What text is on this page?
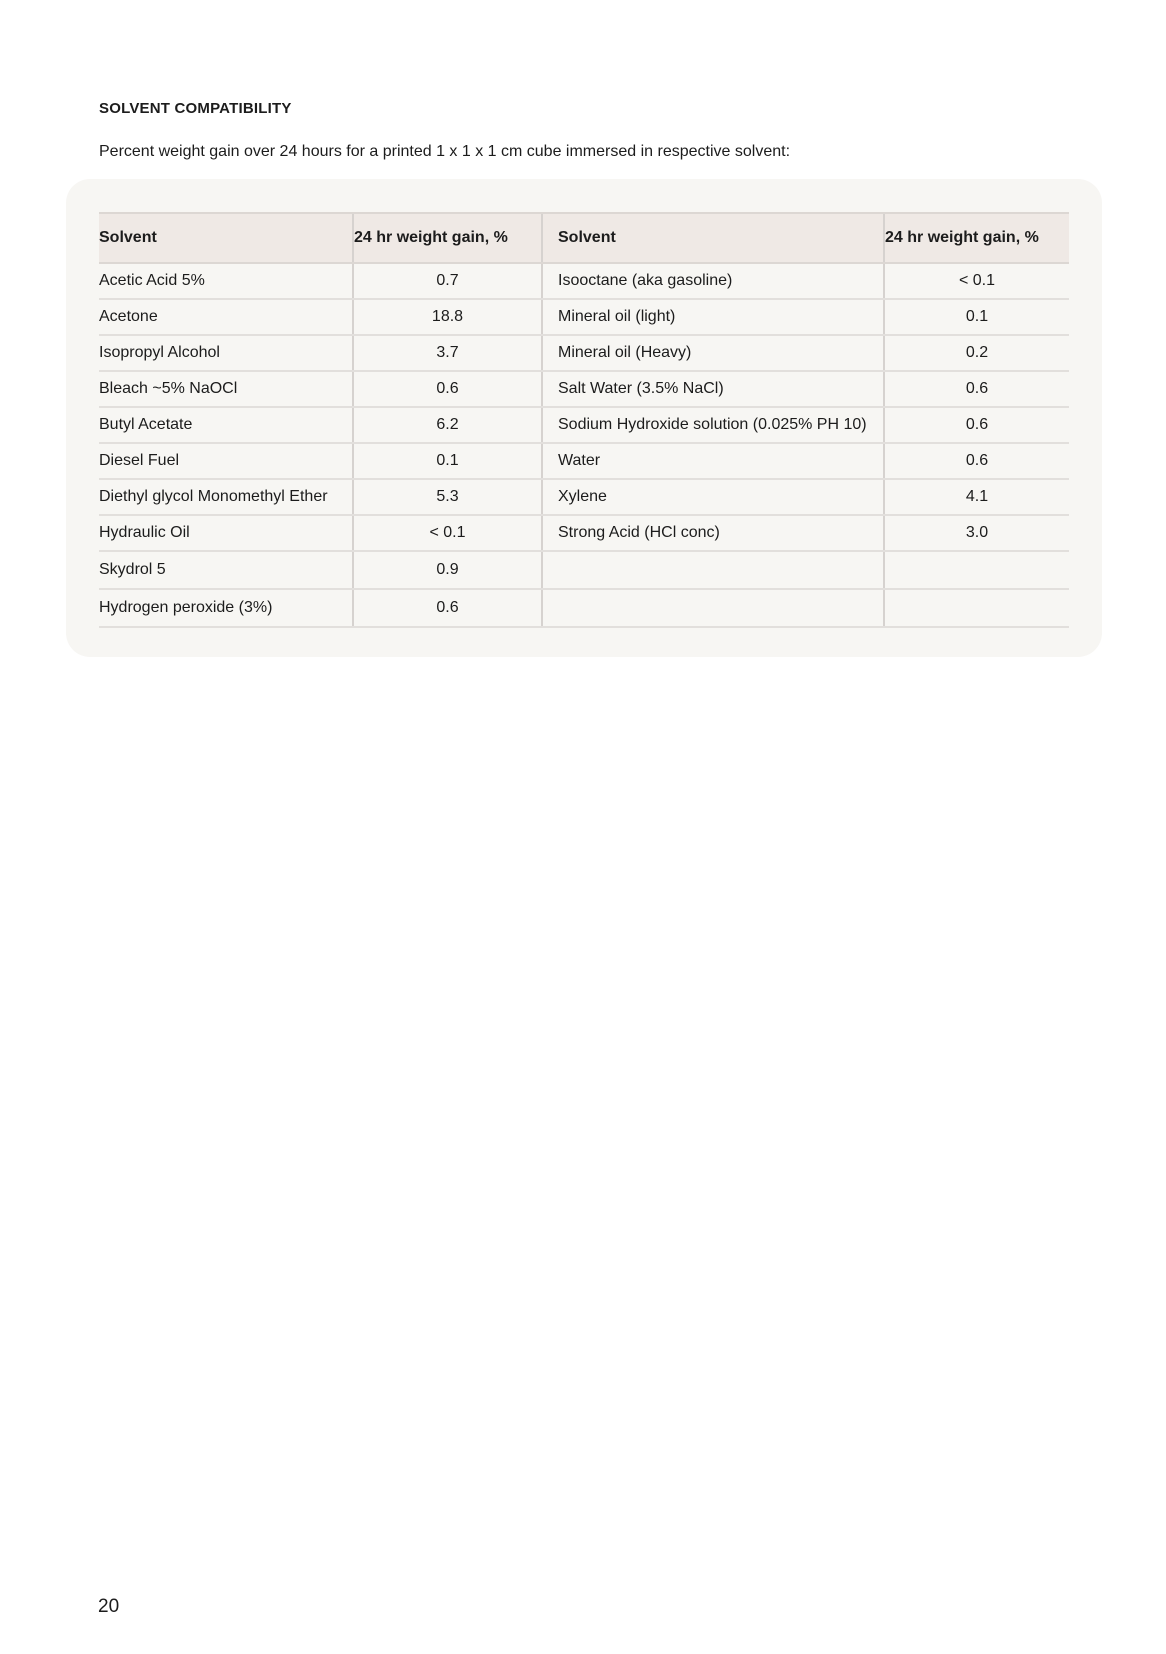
SOLVENT COMPATIBILITY

Percent weight gain over 24 hours for a printed 1 x 1 x 1 cm cube immersed in respective solvent:

Solvent	24 hr weight gain, %	Solvent	24 hr weight gain, %
Acetic Acid 5%	0.7	Isooctane (aka gasoline)	< 0.1
Acetone	18.8	Mineral oil (light)	0.1
Isopropyl Alcohol	3.7	Mineral oil (Heavy)	0.2
Bleach ~5% NaOCl	0.6	Salt Water (3.5% NaCl)	0.6
Butyl Acetate	6.2	Sodium Hydroxide solution (0.025% PH 10)	0.6
Diesel Fuel	0.1	Water	0.6
Diethyl glycol Monomethyl Ether	5.3	Xylene	4.1
Hydraulic Oil	< 0.1	Strong Acid (HCl conc)	3.0
Skydrol 5	0.9		
Hydrogen peroxide (3%)	0.6		

20
